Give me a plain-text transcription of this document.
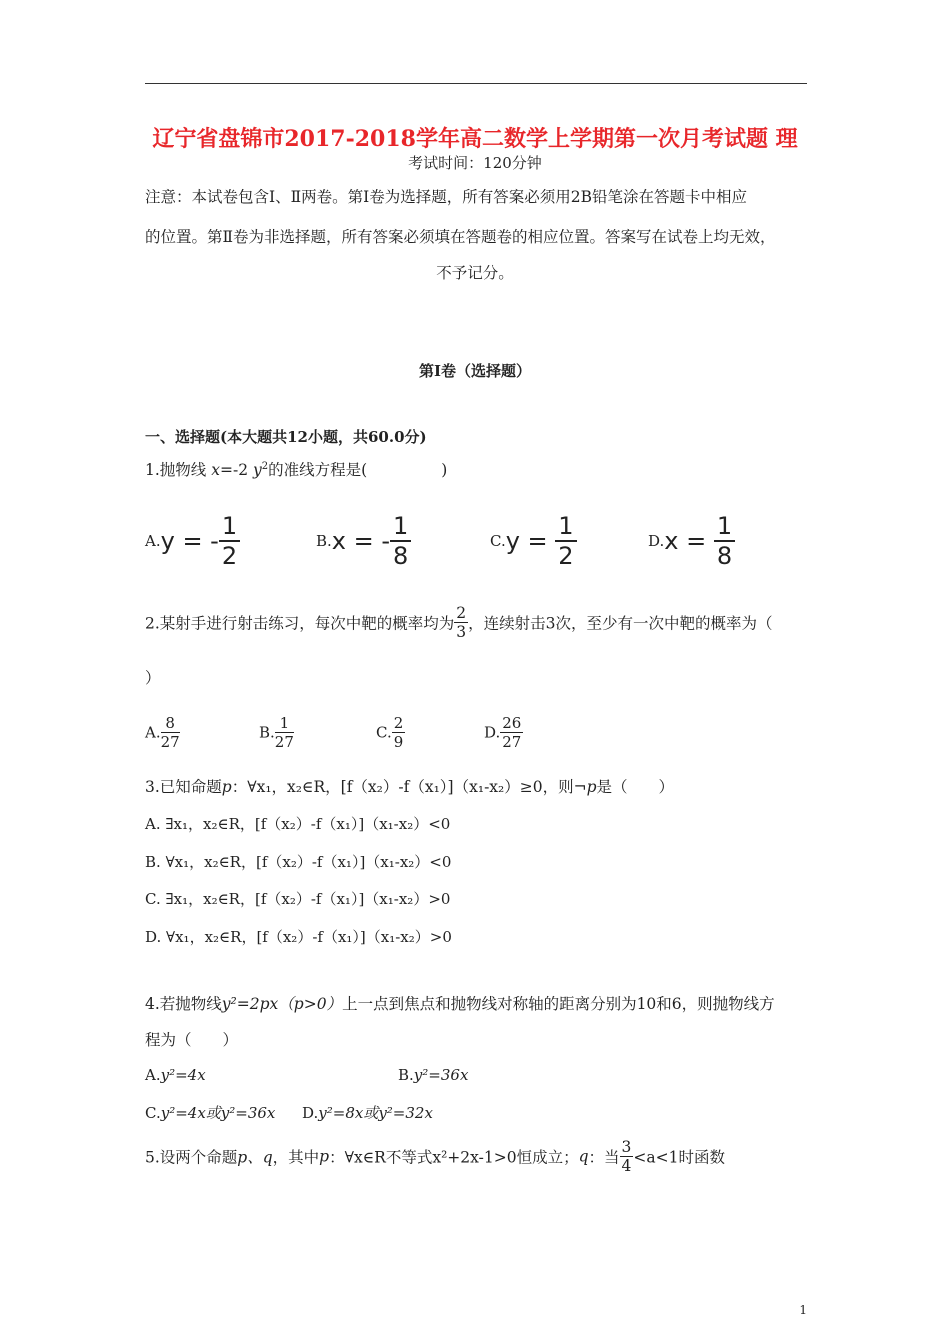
辽宁省盘锦市2017-2018学年高二数学上学期第一次月考试题 理
考试时间：120分钟
注意：本试卷包含Ⅰ、Ⅱ两卷。第Ⅰ卷为选择题，所有答案必须用2B铅笔涂在答题卡中相应
的位置。第Ⅱ卷为非选择题，所有答案必须填在答题卷的相应位置。答案写在试卷上均无效，
不予记分。
第Ⅰ卷（选择题）
一、选择题(本大题共12小题，共60.0分)
1.抛物线 x=-2 $y^2$的准线方程是(	)
A.y = - $\frac{1}{2}$	B.x = - $\frac{1}{8}$	$C.y = \frac{1}{2}$	$D.x = \frac{1}{8}$
2.某射手进行射击练习，每次中靶的概率均为 $\frac{2}{3}$ ，连续射击3次，至少有一次中靶的概率为（
）
A. $\frac{8}{27}$	B. $\frac{1}{27}$	C. $\frac{2}{9}$	D. $\frac{26}{27}$
3.已知命题p：∀x₁，x₂∈R，[f（x₂）-f（x₁）]（x₁-x₂）≥0，则¬p是（　　）
A. ∃x₁，x₂∈R，[f（x₂）-f（x₁）]（x₁-x₂）<0
B. ∀x₁，x₂∈R，[f（x₂）-f（x₁）]（x₁-x₂）<0
C. ∃x₁，x₂∈R，[f（x₂）-f（x₁）]（x₁-x₂）>0
D. ∀x₁，x₂∈R，[f（x₂）-f（x₁）]（x₁-x₂）>0
4.若抛物线y²=2px（p>0）上一点到焦点和抛物线对称轴的距离分别为10和6，则抛物线方
程为（　　）
A.y²=4x	B.y²=36x
C.y²=4x或y²=36x D.y²=8x或y²=32x
5.设两个命题p、q，其中p：∀x∈R不等式x²+2x-1>0恒成立；q：当 $\frac{3}{4} <a<1$时函数
1
